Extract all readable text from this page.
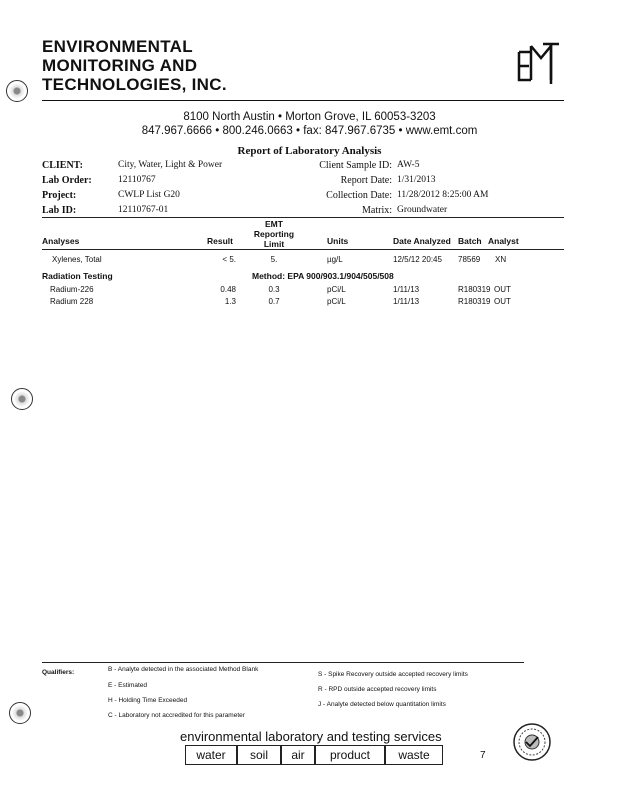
ENVIRONMENTAL
MONITORING AND
TECHNOLOGIES, INC.
8100 North Austin • Morton Grove, IL 60053-3203
847.967.6666 • 800.246.0663 • fax: 847.967.6735 • www.emt.com
Report of Laboratory Analysis
CLIENT:	City, Water, Light & Power
Lab Order:	12110767
Project:	CWLP List G20
Lab ID:	12110767-01
Client Sample ID: AW-5
Report Date: 1/31/2013
Collection Date: 11/28/2012 8:25:00 AM
Matrix: Groundwater
Analyses	Result
EMT
Reporting
Limit	Units	Date Analyzed Batch Analyst
Xylenes, Total	< 5.	5.	µg/L	12/5/12 20:45 78569 XN
Radiation Testing	Method: EPA 900/903.1/904/505/508
Radium-226	0.48	0.3	pCi/L	1/11/13	R180319 OUT
Radium 228	1.3	0.7	pCi/L	1/11/13	R180319 OUT
Qualifiers:	B - Analyte detected in the associated Method Blank
E - Estimated
H - Holding Time Exceeded
C - Laboratory not accredited for this parameter
S - Spike Recovery outside accepted recovery limits
R - RPD outside accepted recovery limits
J - Analyte detected below quantitation limits
environmental laboratory and testing services
water	soil	air	product	waste	7
